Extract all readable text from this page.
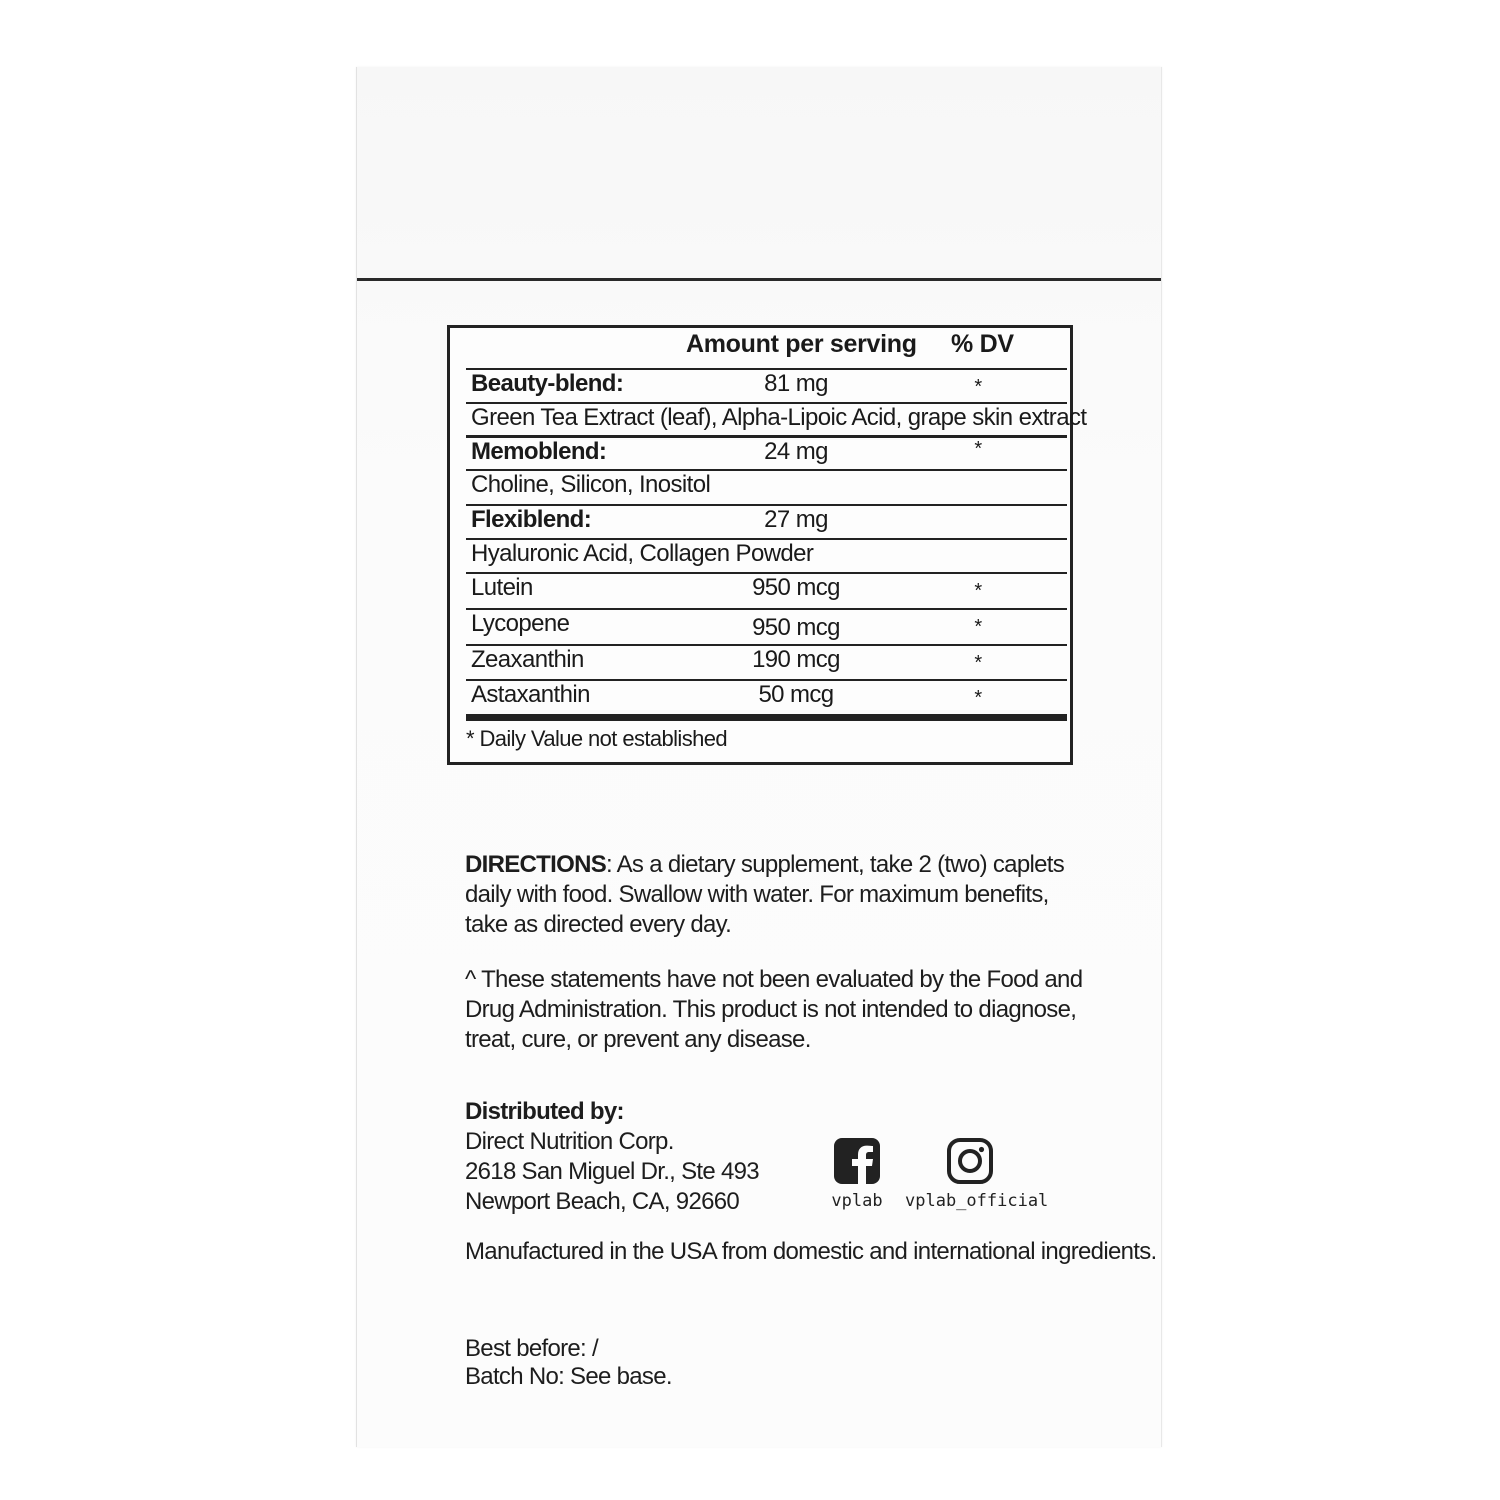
Amount per serving % DV
Beauty-blend:	81 mg	*
Green Tea Extract (leaf), Alpha-Lipoic Acid, grape skin extract
Memoblend:	24 mg	*
Choline, Silicon, Inositol
Flexiblend:	27 mg
Hyaluronic Acid, Collagen Powder
Lutein	950 mcg	*
Lycopene	950 mcg	*
Zeaxanthin	190 mcg	*
Astaxanthin	50 mcg	*
* Daily Value not established
DIRECTIONS: As a dietary supplement, take 2 (two) caplets daily with food. Swallow with water. For maximum benefits, take as directed every day.
^ These statements have not been evaluated by the Food and Drug Administration. This product is not intended to diagnose, treat, cure, or prevent any disease.
Distributed by:
Direct Nutrition Corp.
2618 San Miguel Dr., Ste 493
Newport Beach, CA, 92660	vplab	vplab_official
Manufactured in the USA from domestic and international ingredients.
Best before: /
Batch No: See base.
